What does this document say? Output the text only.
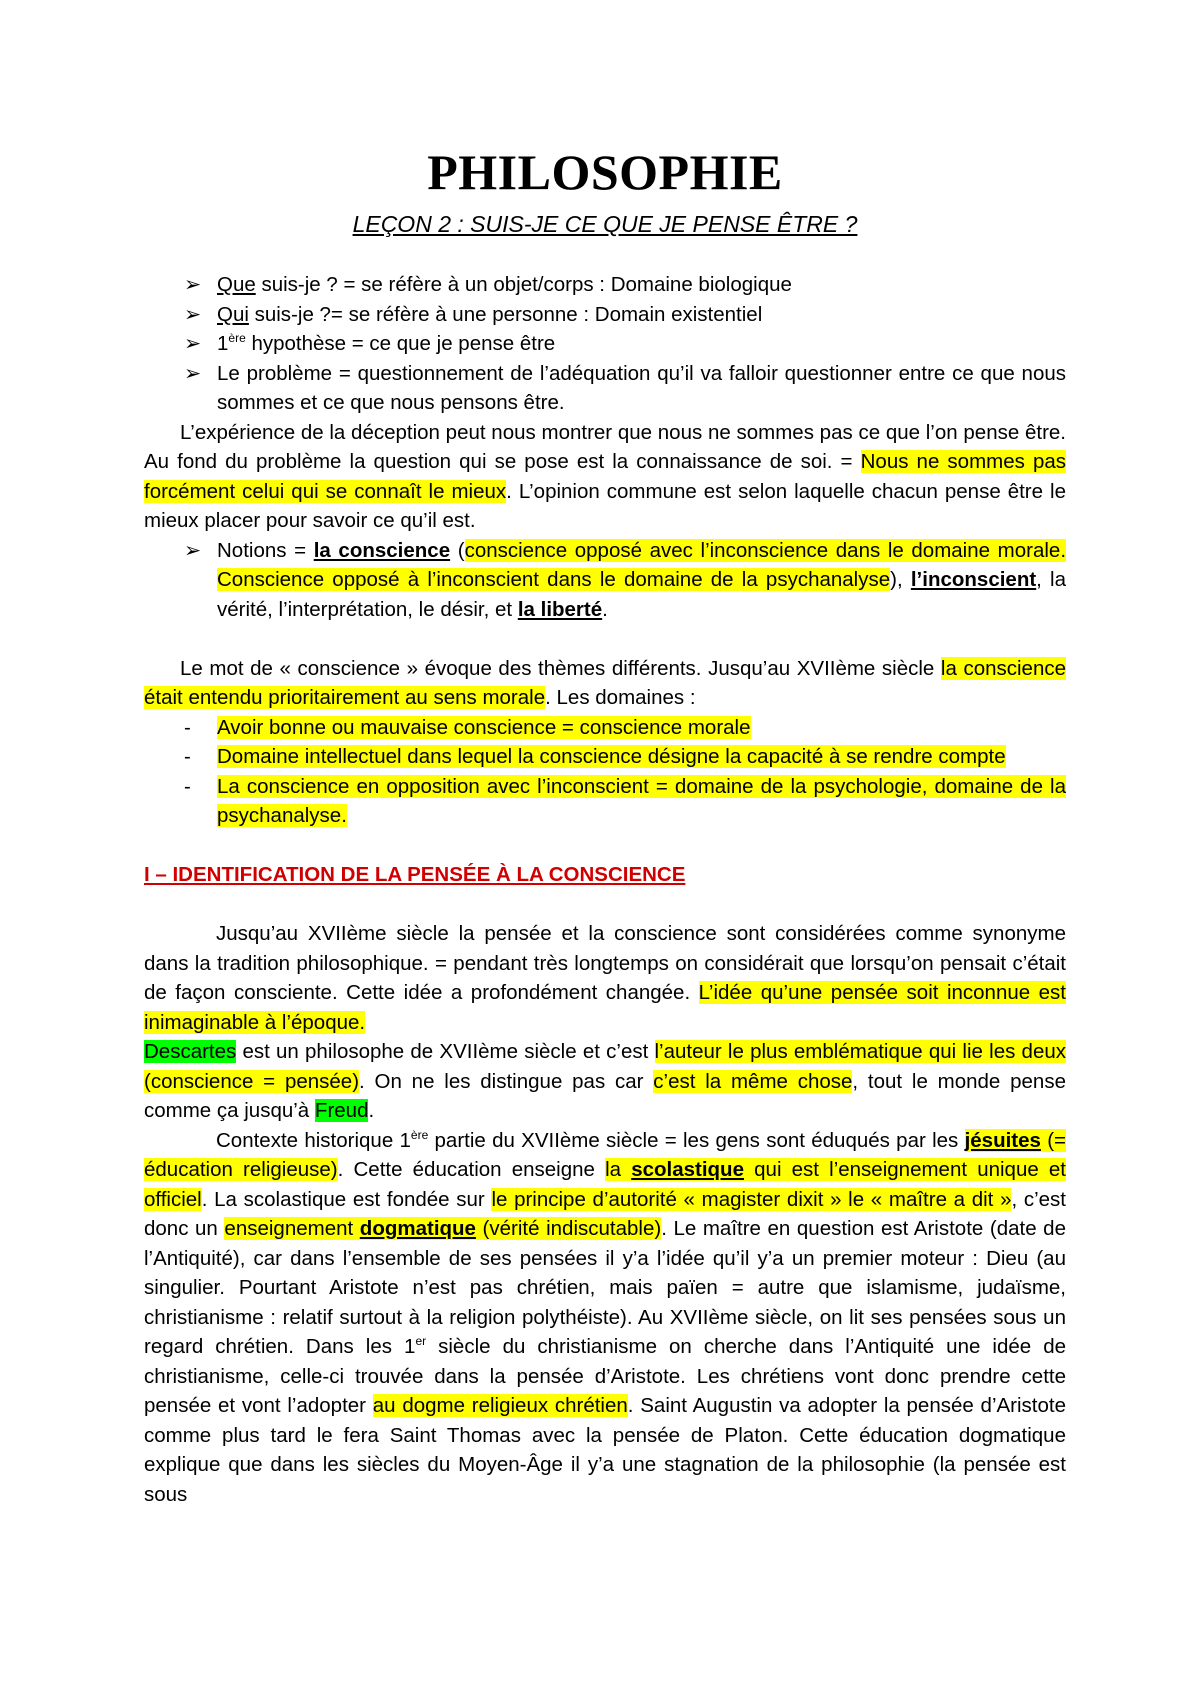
PHILOSOPHIE
LEÇON 2 : SUIS-JE CE QUE JE PENSE ÊTRE ?
➢ Que suis-je ? = se réfère à un objet/corps : Domaine biologique
➢ Qui suis-je ?= se réfère à une personne : Domain existentiel
➢ 1ère hypothèse = ce que je pense être
➢ Le problème = questionnement de l’adéquation qu’il va falloir questionner entre ce que nous sommes et ce que nous pensons être.

L’expérience de la déception peut nous montrer que nous ne sommes pas ce que l’on pense être. Au fond du problème la question qui se pose est la connaissance de soi. = Nous ne sommes pas forcément celui qui se connaît le mieux. L’opinion commune est selon laquelle chacun pense être le mieux placer pour savoir ce qu’il est.

➢ Notions = la conscience (conscience opposé avec l’inconscience dans le domaine morale. Conscience opposé à l’inconscient dans le domaine de la psychanalyse), l’inconscient, la vérité, l’interprétation, le désir, et la liberté.

Le mot de « conscience » évoque des thèmes différents. Jusqu’au XVIIème siècle la conscience était entendu prioritairement au sens morale. Les domaines :

- Avoir bonne ou mauvaise conscience = conscience morale
- Domaine intellectuel dans lequel la conscience désigne la capacité à se rendre compte
- La conscience en opposition avec l’inconscient = domaine de la psychologie, domaine de la psychanalyse.

I – IDENTIFICATION DE LA PENSÉE À LA CONSCIENCE

Jusqu’au XVIIème siècle la pensée et la conscience sont considérées comme synonyme dans la tradition philosophique. = pendant très longtemps on considérait que lorsqu’on pensait c’était de façon consciente. Cette idée a profondément changée. L’idée qu’une pensée soit inconnue est inimaginable à l’époque.

Descartes est un philosophe de XVIIème siècle et c’est l’auteur le plus emblématique qui lie les deux (conscience = pensée). On ne les distingue pas car c’est la même chose, tout le monde pense comme ça jusqu’à Freud.

Contexte historique 1ère partie du XVIIème siècle = les gens sont éduqués par les jésuites (= éducation religieuse). Cette éducation enseigne la scolastique qui est l’enseignement unique et officiel. La scolastique est fondée sur le principe d’autorité « magister dixit » le « maître a dit », c’est donc un enseignement dogmatique (vérité indiscutable). Le maître en question est Aristote (date de l’Antiquité), car dans l’ensemble de ses pensées il y’a l’idée qu’il y’a un premier moteur : Dieu (au singulier. Pourtant Aristote n’est pas chrétien, mais païen = autre que islamisme, judaïsme, christianisme : relatif surtout à la religion polythéiste). Au XVIIème siècle, on lit ses pensées sous un regard chrétien. Dans les 1er siècle du christianisme on cherche dans l’Antiquité une idée de christianisme, celle-ci trouvée dans la pensée d’Aristote. Les chrétiens vont donc prendre cette pensée et vont l’adopter au dogme religieux chrétien. Saint Augustin va adopter la pensée d’Aristote comme plus tard le fera Saint Thomas avec la pensée de Platon. Cette éducation dogmatique explique que dans les siècles du Moyen-Âge il y’a une stagnation de la philosophie (la pensée est sous
